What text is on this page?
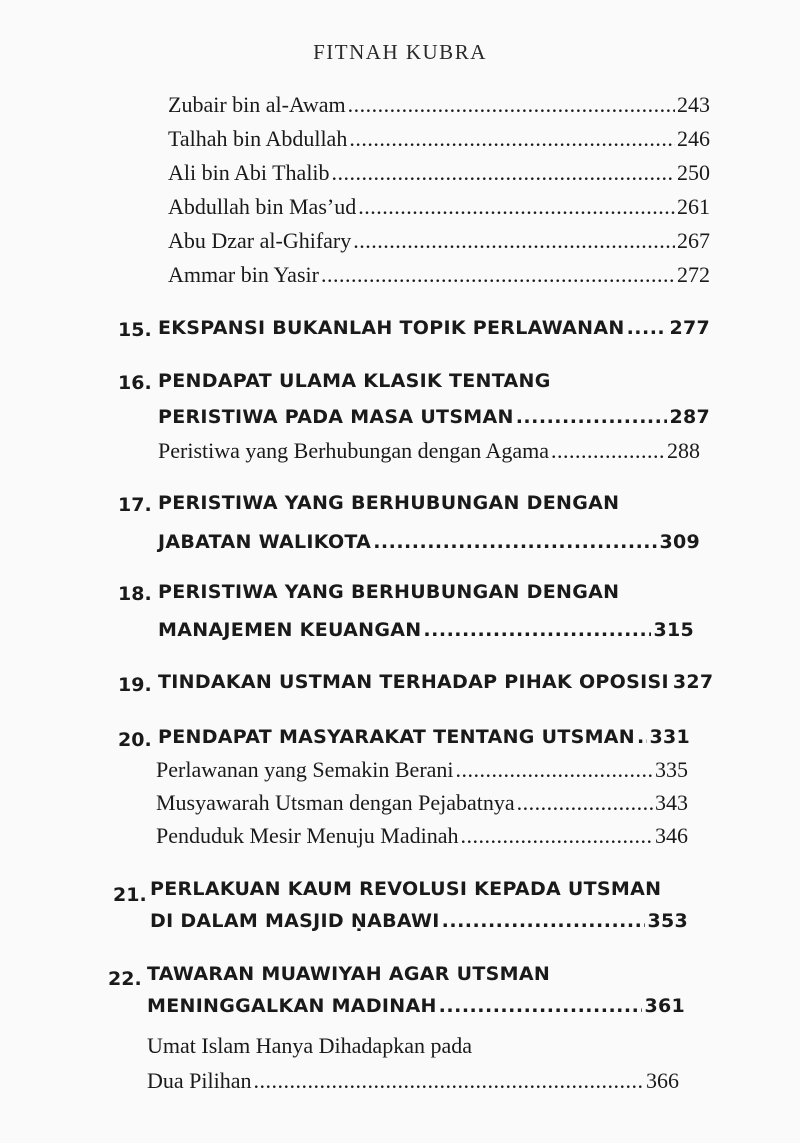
FITNAH KUBRA
Zubair bin al-Awam .....	243
Talhah bin Abdullah .....	246
Ali bin Abi Thalib .....	250
Abdullah bin Mas’ud .....	261
Abu Dzar al-Ghifary .....	267
Ammar bin Yasir .....	272
15. EKSPANSI BUKANLAH TOPIK PERLAWANAN ..... 277
16. PENDAPAT ULAMA KLASIK TENTANG
PERISTIWA PADA MASA UTSMAN .....	287
Peristiwa yang Berhubungan dengan Agama .....	288
17. PERISTIWA YANG BERHUBUNGAN DENGAN
JABATAN WALIKOTA .....	309
18. PERISTIWA YANG BERHUBUNGAN DENGAN
MANAJEMEN KEUANGAN .....	315
19. TINDAKAN USTMAN TERHADAP PIHAK OPOSISI 327
20. PENDAPAT MASYARAKAT TENTANG UTSMAN ..... 331
Perlawanan yang Semakin Berani .....	335
Musyawarah Utsman dengan Pejabatnya .....	343
Penduduk Mesir Menuju Madinah .....	346
21. PERLAKUAN KAUM REVOLUSI KEPADA UTSMAN
DI DALAM MASJID ṆABAWI .....	353
22. TAWARAN MUAWIYAH AGAR UTSMAN
MENINGGALKAN MADINAH .....	361
Umat Islam Hanya Dihadapkan pada
Dua Pilihan .....	366
